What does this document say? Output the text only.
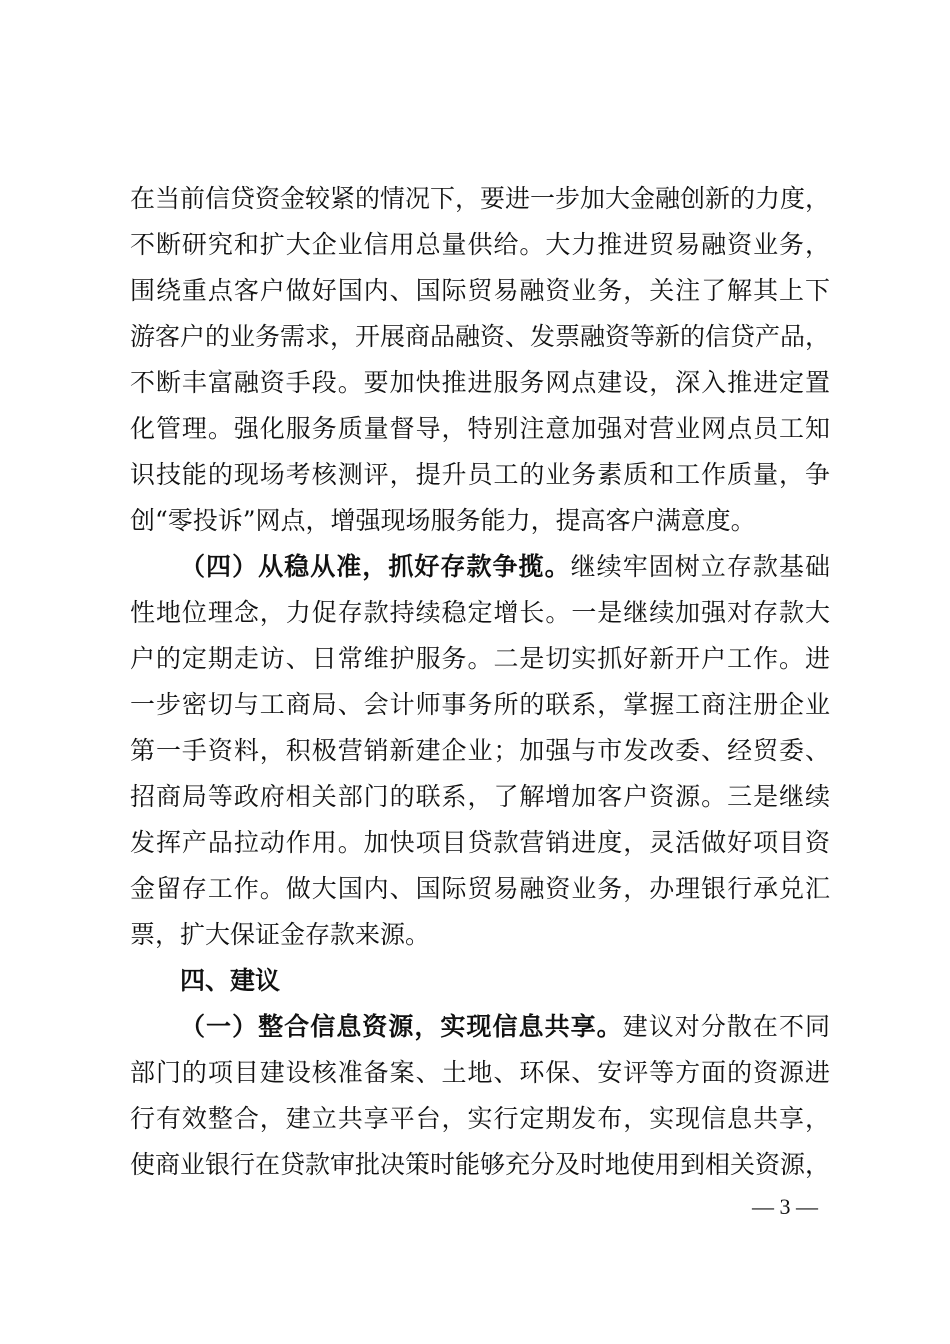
在当前信贷资金较紧的情况下，要进一步加大金融创新的力度，
不断研究和扩大企业信用总量供给。大力推进贸易融资业务，
围绕重点客户做好国内、国际贸易融资业务，关注了解其上下
游客户的业务需求，开展商品融资、发票融资等新的信贷产品，
不断丰富融资手段。要加快推进服务网点建设，深入推进定置
化管理。强化服务质量督导，特别注意加强对营业网点员工知
识技能的现场考核测评，提升员工的业务素质和工作质量，争
创“零投诉”网点，增强现场服务能力，提高客户满意度。
（四）从稳从准，抓好存款争揽。继续牢固树立存款基础
性地位理念，力促存款持续稳定增长。一是继续加强对存款大
户的定期走访、日常维护服务。二是切实抓好新开户工作。进
一步密切与工商局、会计师事务所的联系，掌握工商注册企业
第一手资料，积极营销新建企业；加强与市发改委、经贸委、
招商局等政府相关部门的联系，了解增加客户资源。三是继续
发挥产品拉动作用。加快项目贷款营销进度，灵活做好项目资
金留存工作。做大国内、国际贸易融资业务，办理银行承兑汇
票，扩大保证金存款来源。
四、建议
（一）整合信息资源，实现信息共享。建议对分散在不同
部门的项目建设核准备案、土地、环保、安评等方面的资源进
行有效整合，建立共享平台，实行定期发布，实现信息共享，
使商业银行在贷款审批决策时能够充分及时地使用到相关资源，
— 3 —
